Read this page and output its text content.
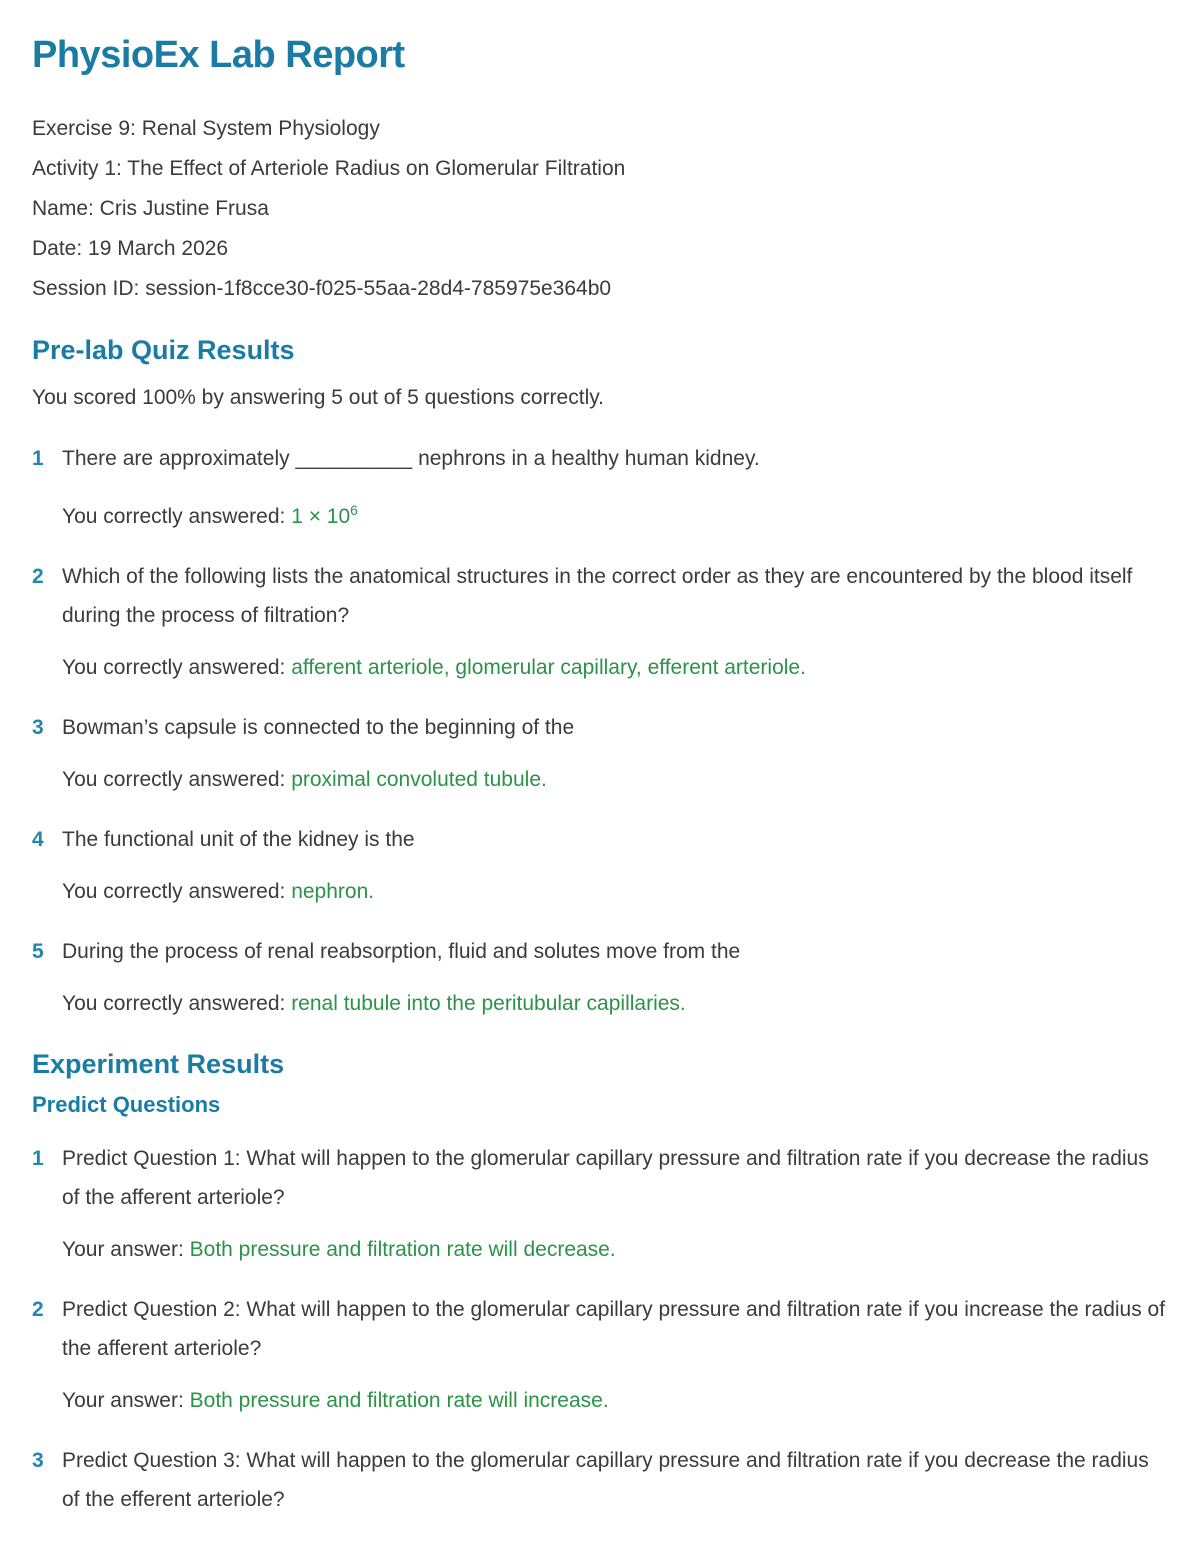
PhysioEx Lab Report

Exercise 9: Renal System Physiology

Activity 1: The Effect of Arteriole Radius on Glomerular Filtration

Name: Cris Justine Frusa

Date: 19 March 2026

Session ID: session-1f8cce30-f025-55aa-28d4-785975e364b0

Pre-lab Quiz Results

You scored 100% by answering 5 out of 5 questions correctly.

1 There are approximately __________ nephrons in a healthy human kidney.

You correctly answered: $1 \times 10^6$

2 Which of the following lists the anatomical structures in the correct order as they are encountered by the blood itself during the process of filtration?

You correctly answered: afferent arteriole, glomerular capillary, efferent arteriole.

3 Bowman’s capsule is connected to the beginning of the

You correctly answered: proximal convoluted tubule.

4 The functional unit of the kidney is the

You correctly answered: nephron.

5 During the process of renal reabsorption, fluid and solutes move from the

You correctly answered: renal tubule into the peritubular capillaries.

Experiment Results
Predict Questions
1 Predict Question 1: What will happen to the glomerular capillary pressure and filtration rate if you decrease the radius of the afferent arteriole?

Your answer: Both pressure and filtration rate will decrease.

2 Predict Question 2: What will happen to the glomerular capillary pressure and filtration rate if you increase the radius of the afferent arteriole?

Your answer: Both pressure and filtration rate will increase.

3 Predict Question 3: What will happen to the glomerular capillary pressure and filtration rate if you decrease the radius of the efferent arteriole?
